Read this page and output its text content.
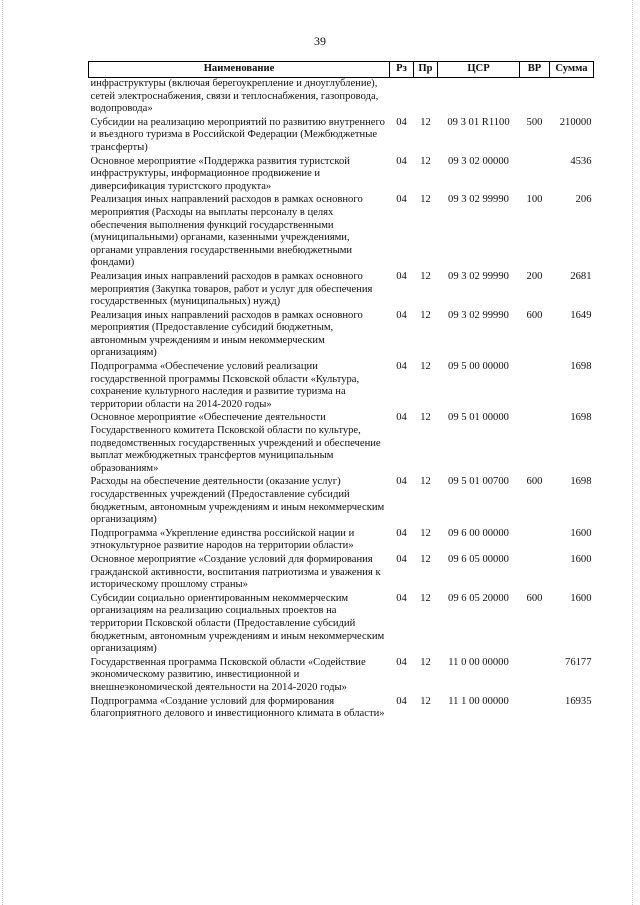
39
Наименование	Рз	Пр	ЦСР	ВР	Сумма
инфраструктуры (включая берегоукрепление и дноуглубление), сетей электроснабжения, связи и теплоснабжения, газопровода, водопровода»					
Субсидии на реализацию мероприятий по развитию внутреннего и въездного туризма в Российской Федерации (Межбюджетные трансферты)	04	12	09 3 01 R1100	500	210000
Основное мероприятие «Поддержка развития туристской инфраструктуры, информационное продвижение и диверсификация туристского продукта»	04	12	09 3 02 00000		4536
Реализация иных направлений расходов в рамках основного мероприятия (Расходы на выплаты персоналу в целях обеспечения выполнения функций государственными (муниципальными) органами, казенными учреждениями, органами управления государственными внебюджетными фондами)	04	12	09 3 02 99990	100	206
Реализация иных направлений расходов в рамках основного мероприятия (Закупка товаров, работ и услуг для обеспечения государственных (муниципальных) нужд)	04	12	09 3 02 99990	200	2681
Реализация иных направлений расходов в рамках основного мероприятия (Предоставление субсидий бюджетным, автономным учреждениям и иным некоммерческим организациям)	04	12	09 3 02 99990	600	1649
Подпрограмма «Обеспечение условий реализации государственной программы Псковской области «Культура, сохранение культурного наследия и развитие туризма на территории области на 2014-2020 годы»	04	12	09 5 00 00000		1698
Основное мероприятие «Обеспечение деятельности Государственного комитета Псковской области по культуре, подведомственных государственных учреждений и обеспечение выплат межбюджетных трансфертов муниципальным образованиям»	04	12	09 5 01 00000		1698
Расходы на обеспечение деятельности (оказание услуг) государственных учреждений (Предоставление субсидий бюджетным, автономным учреждениям и иным некоммерческим организациям)	04	12	09 5 01 00700	600	1698
Подпрограмма «Укрепление единства российской нации и этнокультурное развитие народов на территории области»	04	12	09 6 00 00000		1600
Основное мероприятие «Создание условий для формирования гражданской активности, воспитания патриотизма и уважения к историческому прошлому страны»	04	12	09 6 05 00000		1600
Субсидии социально ориентированным некоммерческим организациям на реализацию социальных проектов на территории Псковской области (Предоставление субсидий бюджетным, автономным учреждениям и иным некоммерческим организациям)	04	12	09 6 05 20000	600	1600
Государственная программа Псковской области «Содействие экономическому развитию, инвестиционной и внешнеэкономической деятельности на 2014-2020 годы»	04	12	11 0 00 00000		76177
Подпрограмма «Создание условий для формирования благоприятного делового и инвестиционного климата в области»	04	12	11 1 00 00000		16935
